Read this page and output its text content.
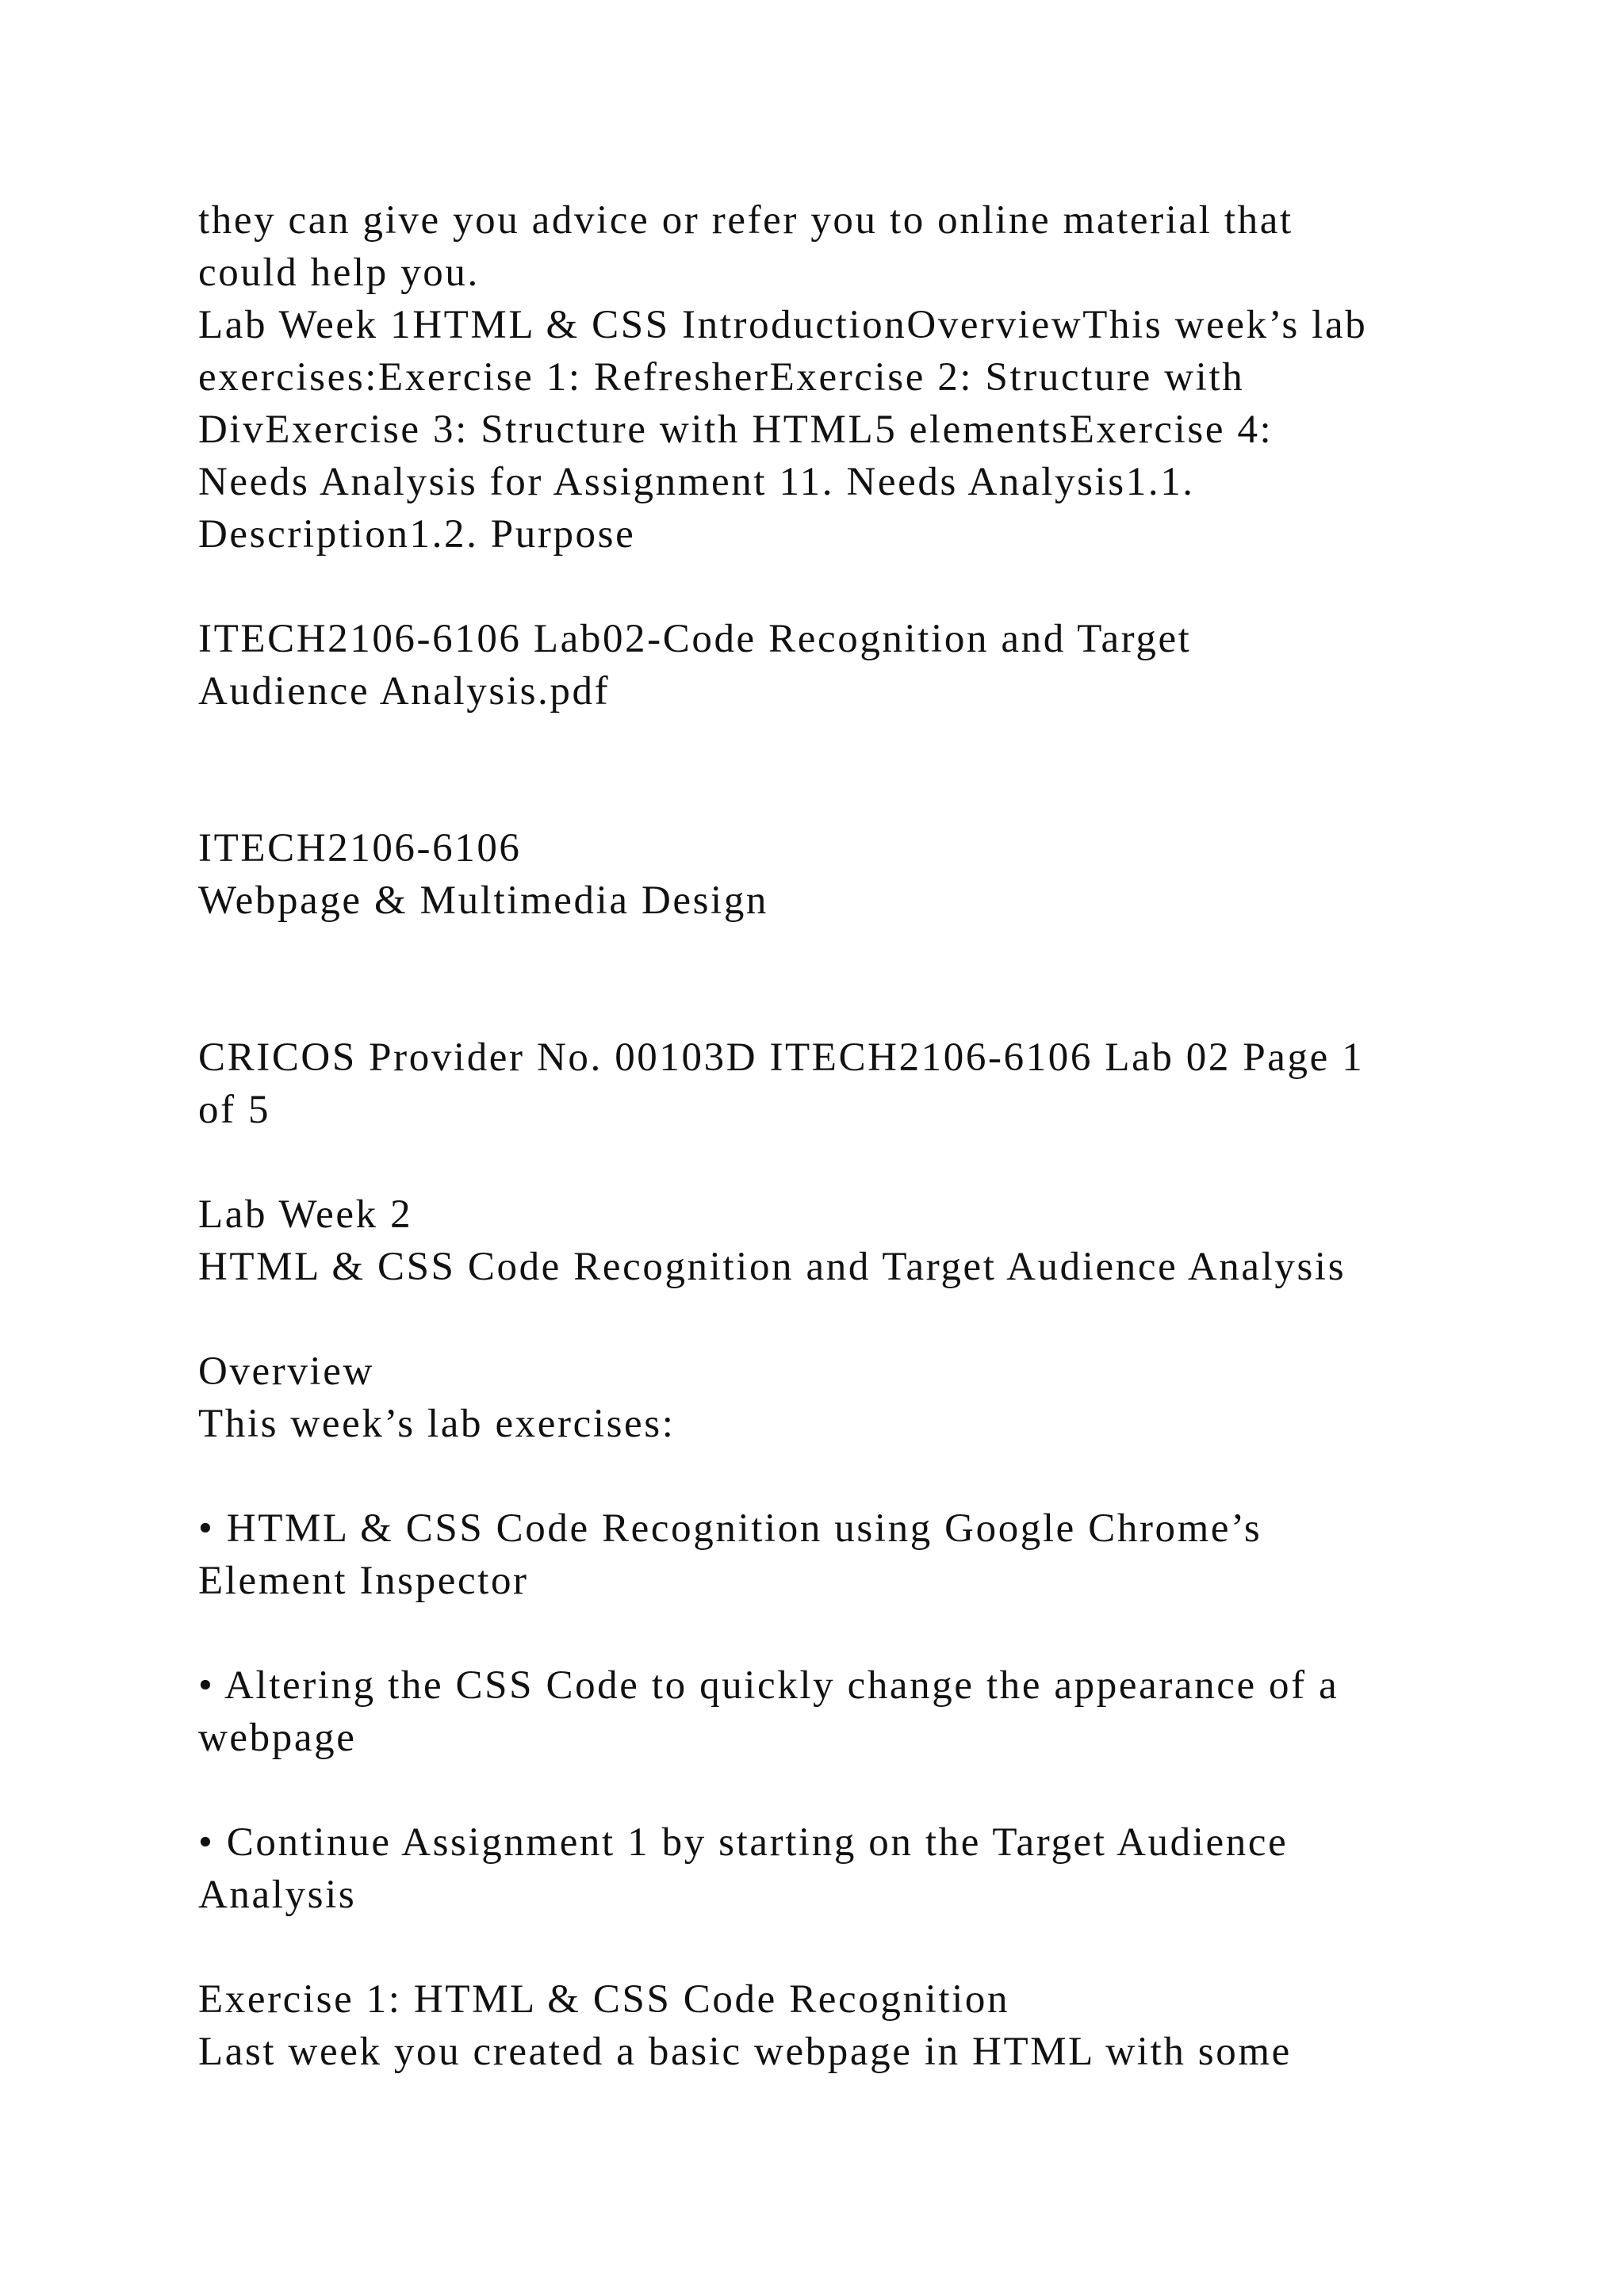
they can give you advice or refer you to online material that
could help you.
Lab Week 1HTML & CSS IntroductionOverviewThis week’s lab
exercises:Exercise 1: RefresherExercise 2: Structure with
DivExercise 3: Structure with HTML5 elementsExercise 4:
Needs Analysis for Assignment 11. Needs Analysis1.1.
Description1.2. Purpose
ITECH2106-6106 Lab02-Code Recognition and Target
Audience Analysis.pdf
ITECH2106-6106
Webpage & Multimedia Design
CRICOS Provider No. 00103D ITECH2106-6106 Lab 02 Page 1
of 5
Lab Week 2
HTML & CSS Code Recognition and Target Audience Analysis
Overview
This week’s lab exercises:
• HTML & CSS Code Recognition using Google Chrome’s
Element Inspector
• Altering the CSS Code to quickly change the appearance of a
webpage
• Continue Assignment 1 by starting on the Target Audience
Analysis
Exercise 1: HTML & CSS Code Recognition
Last week you created a basic webpage in HTML with some
